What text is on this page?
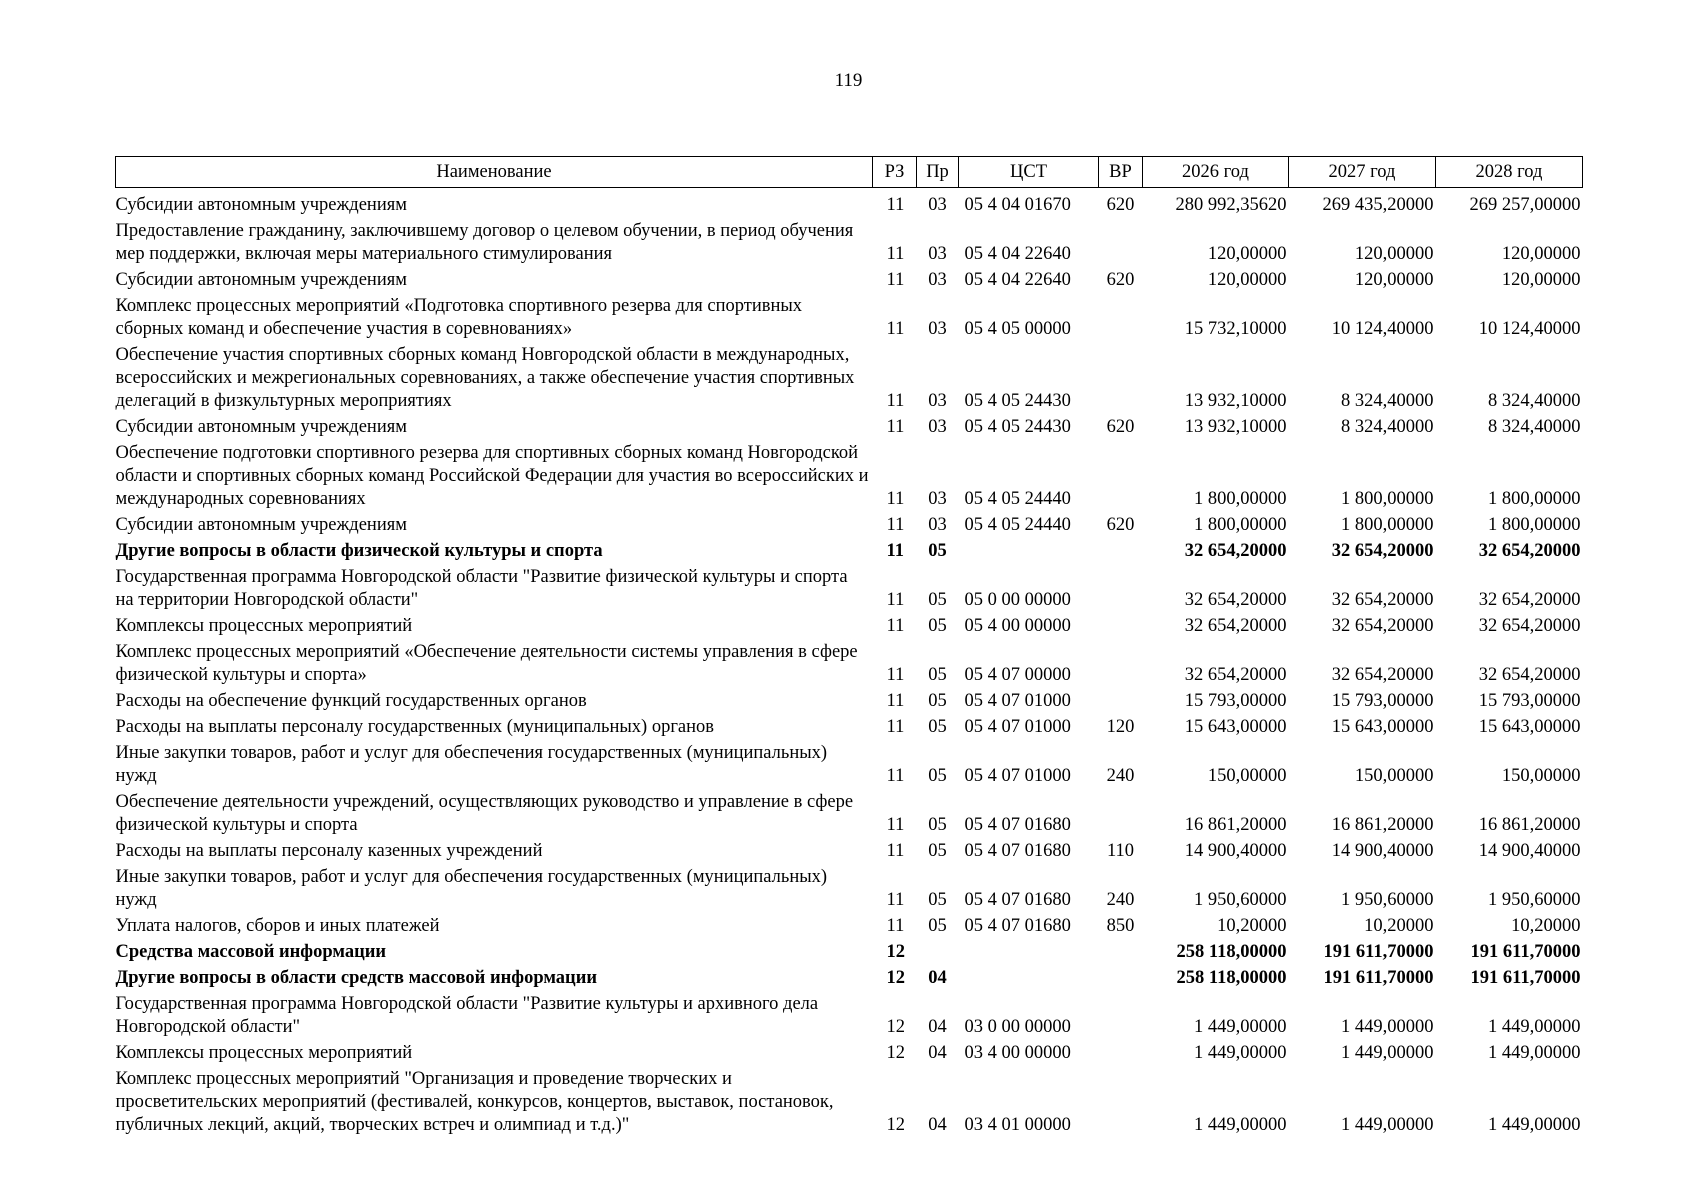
119
Наименование	РЗ	Пр	ЦСТ	ВР	2026 год	2027 год	2028 год
Субсидии автономным учреждениям	11	03	05 4 04 01670	620	280 992,35620	269 435,20000	269 257,00000
Предоставление гражданину, заключившему договор о целевом обучении, в период обучения мер поддержки, включая меры материального стимулирования	11	03	05 4 04 22640		120,00000	120,00000	120,00000
Субсидии автономным учреждениям	11	03	05 4 04 22640	620	120,00000	120,00000	120,00000
Комплекс процессных мероприятий «Подготовка спортивного резерва для спортивных сборных команд и обеспечение участия в соревнованиях»	11	03	05 4 05 00000		15 732,10000	10 124,40000	10 124,40000
Обеспечение участия спортивных сборных команд Новгородской области в международных, всероссийских и межрегиональных соревнованиях, а также обеспечение участия спортивных делегаций в физкультурных мероприятиях	11	03	05 4 05 24430		13 932,10000	8 324,40000	8 324,40000
Субсидии автономным учреждениям	11	03	05 4 05 24430	620	13 932,10000	8 324,40000	8 324,40000
Обеспечение подготовки спортивного резерва для спортивных сборных команд Новгородской области и спортивных сборных команд Российской Федерации для участия во всероссийских и международных соревнованиях	11	03	05 4 05 24440		1 800,00000	1 800,00000	1 800,00000
Субсидии автономным учреждениям	11	03	05 4 05 24440	620	1 800,00000	1 800,00000	1 800,00000
Другие вопросы в области физической культуры и спорта	11	05			32 654,20000	32 654,20000	32 654,20000
Государственная программа Новгородской области "Развитие физической культуры и спорта на территории Новгородской области"	11	05	05 0 00 00000		32 654,20000	32 654,20000	32 654,20000
Комплексы процессных мероприятий	11	05	05 4 00 00000		32 654,20000	32 654,20000	32 654,20000
Комплекс процессных мероприятий «Обеспечение деятельности системы управления в сфере физической культуры и спорта»	11	05	05 4 07 00000		32 654,20000	32 654,20000	32 654,20000
Расходы на обеспечение функций государственных органов	11	05	05 4 07 01000		15 793,00000	15 793,00000	15 793,00000
Расходы на выплаты персоналу государственных (муниципальных) органов	11	05	05 4 07 01000	120	15 643,00000	15 643,00000	15 643,00000
Иные закупки товаров, работ и услуг для обеспечения государственных (муниципальных) нужд	11	05	05 4 07 01000	240	150,00000	150,00000	150,00000
Обеспечение деятельности учреждений, осуществляющих руководство и управление в сфере физической культуры и спорта	11	05	05 4 07 01680		16 861,20000	16 861,20000	16 861,20000
Расходы на выплаты персоналу казенных учреждений	11	05	05 4 07 01680	110	14 900,40000	14 900,40000	14 900,40000
Иные закупки товаров, работ и услуг для обеспечения государственных (муниципальных) нужд	11	05	05 4 07 01680	240	1 950,60000	1 950,60000	1 950,60000
Уплата налогов, сборов и иных платежей	11	05	05 4 07 01680	850	10,20000	10,20000	10,20000
Средства массовой информации	12				258 118,00000	191 611,70000	191 611,70000
Другие вопросы в области средств массовой информации	12	04			258 118,00000	191 611,70000	191 611,70000
Государственная программа Новгородской области "Развитие культуры и архивного дела Новгородской области"	12	04	03 0 00 00000		1 449,00000	1 449,00000	1 449,00000
Комплексы процессных мероприятий	12	04	03 4 00 00000		1 449,00000	1 449,00000	1 449,00000
Комплекс процессных мероприятий "Организация и проведение творческих и просветительских мероприятий (фестивалей, конкурсов, концертов, выставок, постановок, публичных лекций, акций, творческих встреч и олимпиад и т.д.)"	12	04	03 4 01 00000		1 449,00000	1 449,00000	1 449,00000
